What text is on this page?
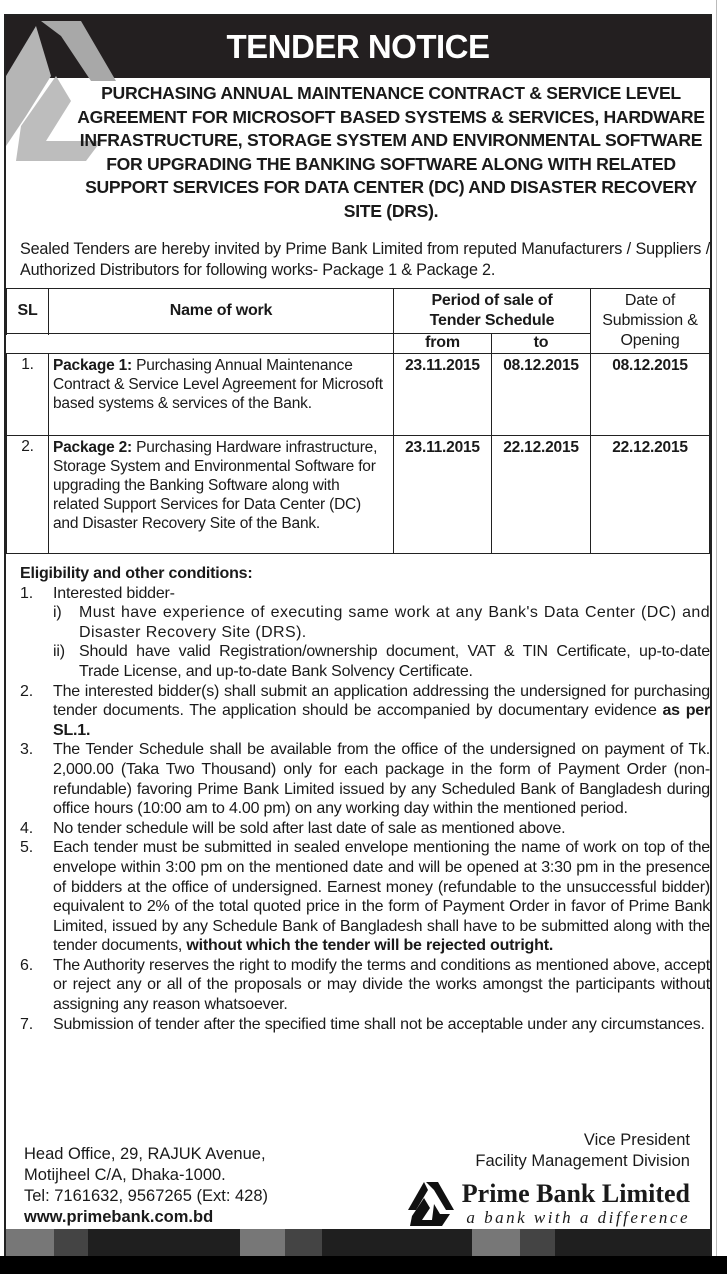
TENDER NOTICE
PURCHASING ANNUAL MAINTENANCE CONTRACT & SERVICE LEVEL AGREEMENT FOR MICROSOFT BASED SYSTEMS & SERVICES, HARDWARE INFRASTRUCTURE, STORAGE SYSTEM AND ENVIRONMENTAL SOFTWARE FOR UPGRADING THE BANKING SOFTWARE ALONG WITH RELATED SUPPORT SERVICES FOR DATA CENTER (DC) AND DISASTER RECOVERY SITE (DRS).
Sealed Tenders are hereby invited by Prime Bank Limited from reputed Manufacturers / Suppliers / Authorized Distributors for following works- Package 1 & Package 2.
SL	Name of work	Period of sale of Tender Schedule		Date of Submission & Opening

		from	to	
1.	Package 1: Purchasing Annual Maintenance Contract & Service Level Agreement for Microsoft based systems & services of the Bank.	23.11.2015	08.12.2015	08.12.2015
2.	Package 2: Purchasing Hardware infrastructure, Storage System and Environmental Software for upgrading the Banking Software along with related Support Services for Data Center (DC) and Disaster Recovery Site of the Bank.	23.11.2015	22.12.2015	22.12.2015
Eligibility and other conditions:
1.	Interested bidder-
i)	Must have experience of executing same work at any Bank's Data Center (DC) and Disaster Recovery Site (DRS).
ii) Should have valid Registration/ownership document, VAT & TIN Certificate, up-to-date Trade License, and up-to-date Bank Solvency Certificate.
2.	The interested bidder(s) shall submit an application addressing the undersigned for purchasing tender documents. The application should be accompanied by documentary evidence as per SL.1.
3.	The Tender Schedule shall be available from the office of the undersigned on payment of Tk. 2,000.00 (Taka Two Thousand) only for each package in the form of Payment Order (non-refundable) favoring Prime Bank Limited issued by any Scheduled Bank of Bangladesh during office hours (10:00 am to 4.00 pm) on any working day within the mentioned period.
4.	No tender schedule will be sold after last date of sale as mentioned above.
5.	Each tender must be submitted in sealed envelope mentioning the name of work on top of the envelope within 3:00 pm on the mentioned date and will be opened at 3:30 pm in the presence of bidders at the office of undersigned. Earnest money (refundable to the unsuccessful bidder) equivalent to 2% of the total quoted price in the form of Payment Order in favor of Prime Bank Limited, issued by any Schedule Bank of Bangladesh shall have to be submitted along with the tender documents, without which the tender will be rejected outright.
6.	The Authority reserves the right to modify the terms and conditions as mentioned above, accept or reject any or all of the proposals or may divide the works amongst the participants without assigning any reason whatsoever.
7.	Submission of tender after the specified time shall not be acceptable under any circumstances.
Head Office, 29, RAJUK Avenue,
Motijheel C/A, Dhaka-1000.
Tel: 7161632, 9567265 (Ext: 428)
www.primebank.com.bd
Vice President
Facility Management Division
Prime Bank Limited
a bank with a difference
